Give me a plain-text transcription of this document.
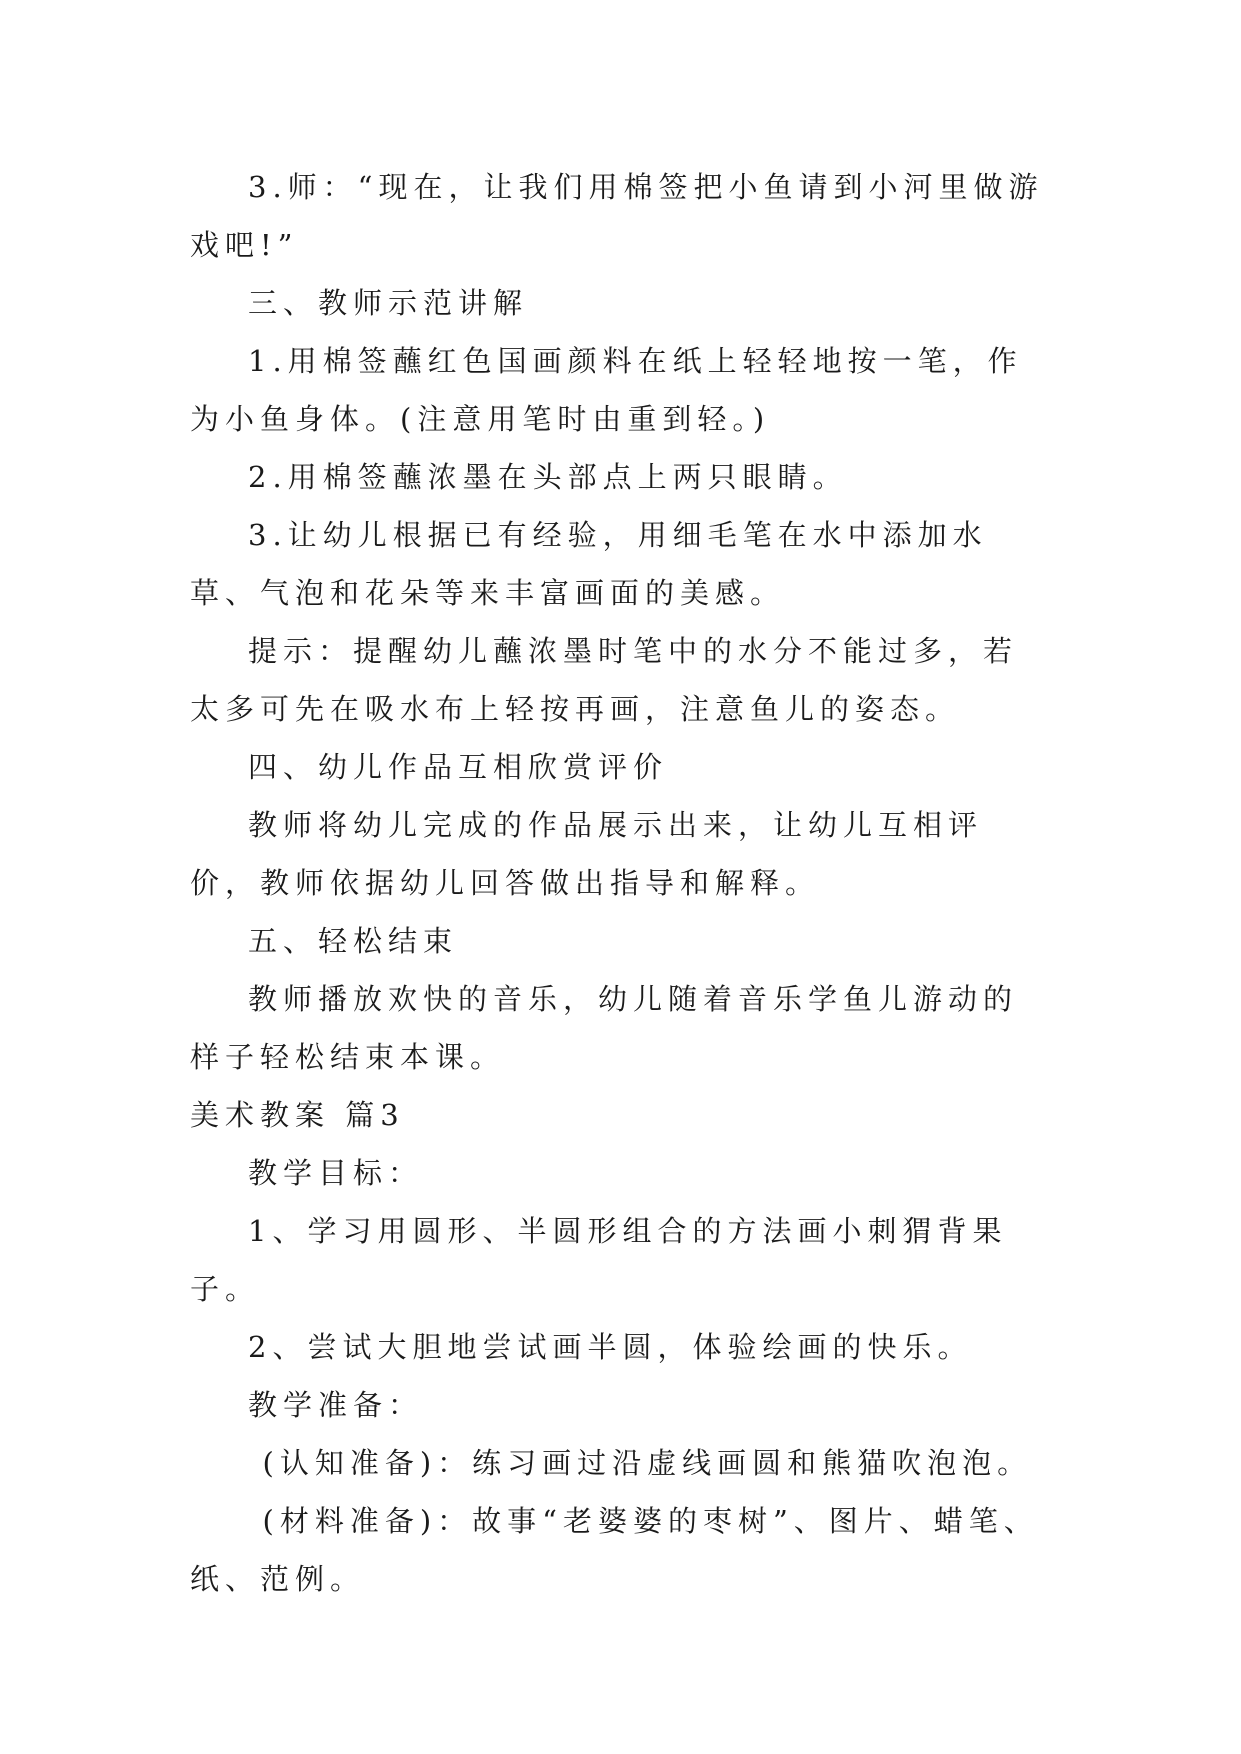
3.师：“现在，让我们用棉签把小鱼请到小河里做游戏吧!”

三、教师示范讲解

1.用棉签蘸红色国画颜料在纸上轻轻地按一笔，作为小鱼身体。(注意用笔时由重到轻。)

2.用棉签蘸浓墨在头部点上两只眼睛。

3.让幼儿根据已有经验，用细毛笔在水中添加水草、气泡和花朵等来丰富画面的美感。

提示：提醒幼儿蘸浓墨时笔中的水分不能过多，若太多可先在吸水布上轻按再画，注意鱼儿的姿态。

四、幼儿作品互相欣赏评价

教师将幼儿完成的作品展示出来，让幼儿互相评价，教师依据幼儿回答做出指导和解释。

五、轻松结束

教师播放欢快的音乐，幼儿随着音乐学鱼儿游动的样子轻松结束本课。

美术教案 篇3

教学目标：

1、学习用圆形、半圆形组合的方法画小刺猬背果子。

2、尝试大胆地尝试画半圆，体验绘画的快乐。

教学准备：

(认知准备)：练习画过沿虚线画圆和熊猫吹泡泡。

(材料准备)：故事“老婆婆的枣树”、图片、蜡笔、纸、范例。
